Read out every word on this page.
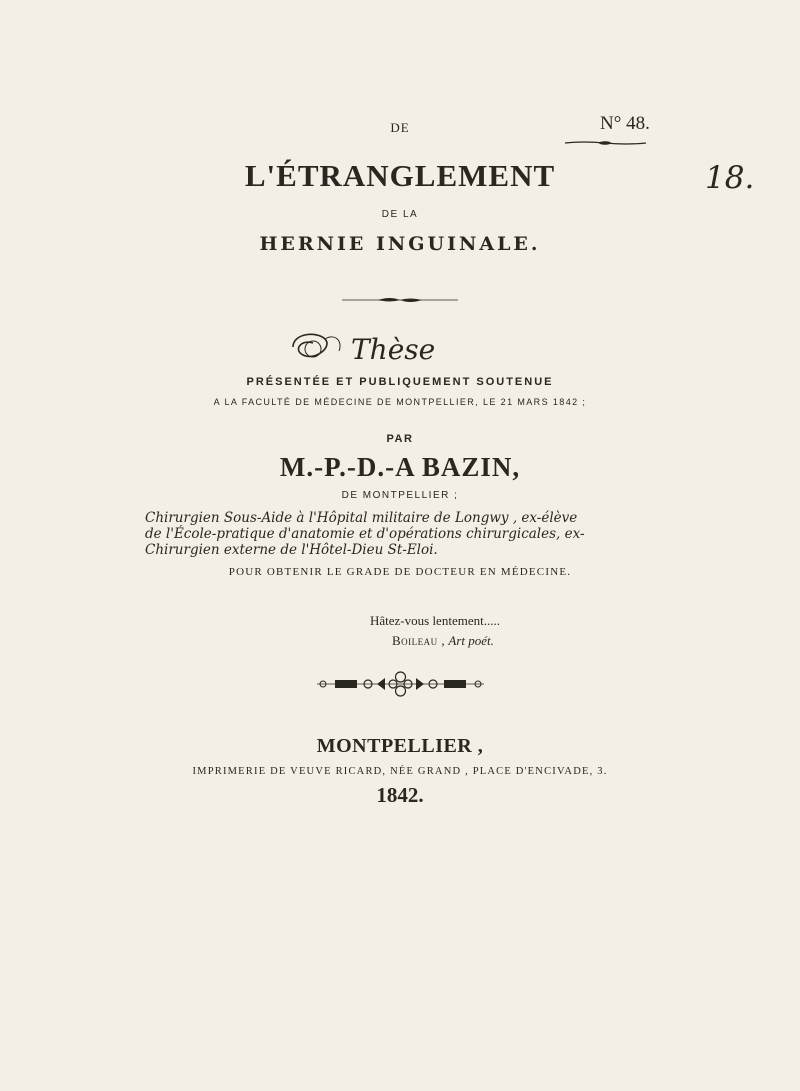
N° 48.
18.
DE
L'ÉTRANGLEMENT
DE LA
HERNIE INGUINALE.
Thèse
PRÉSENTÉE ET PUBLIQUEMENT SOUTENUE
A LA FACULTÉ DE MÉDECINE DE MONTPELLIER, LE 21 MARS 1842 ;
PAR
M.-P.-D.-A BAZIN,
DE MONTPELLIER ;
Chirurgien Sous-Aide à l'Hôpital militaire de Longwy , ex-élève
de l'École-pratique d'anatomie et d'opérations chirurgicales, ex-
Chirurgien externe de l'Hôtel-Dieu St-Eloi.
POUR OBTENIR LE GRADE DE DOCTEUR EN MÉDECINE.
Hâtez-vous lentement.....
Boileau , Art poét.
MONTPELLIER ,
IMPRIMERIE DE VEUVE RICARD, NÉE GRAND , PLACE D'ENCIVADE, 3.
1842.
